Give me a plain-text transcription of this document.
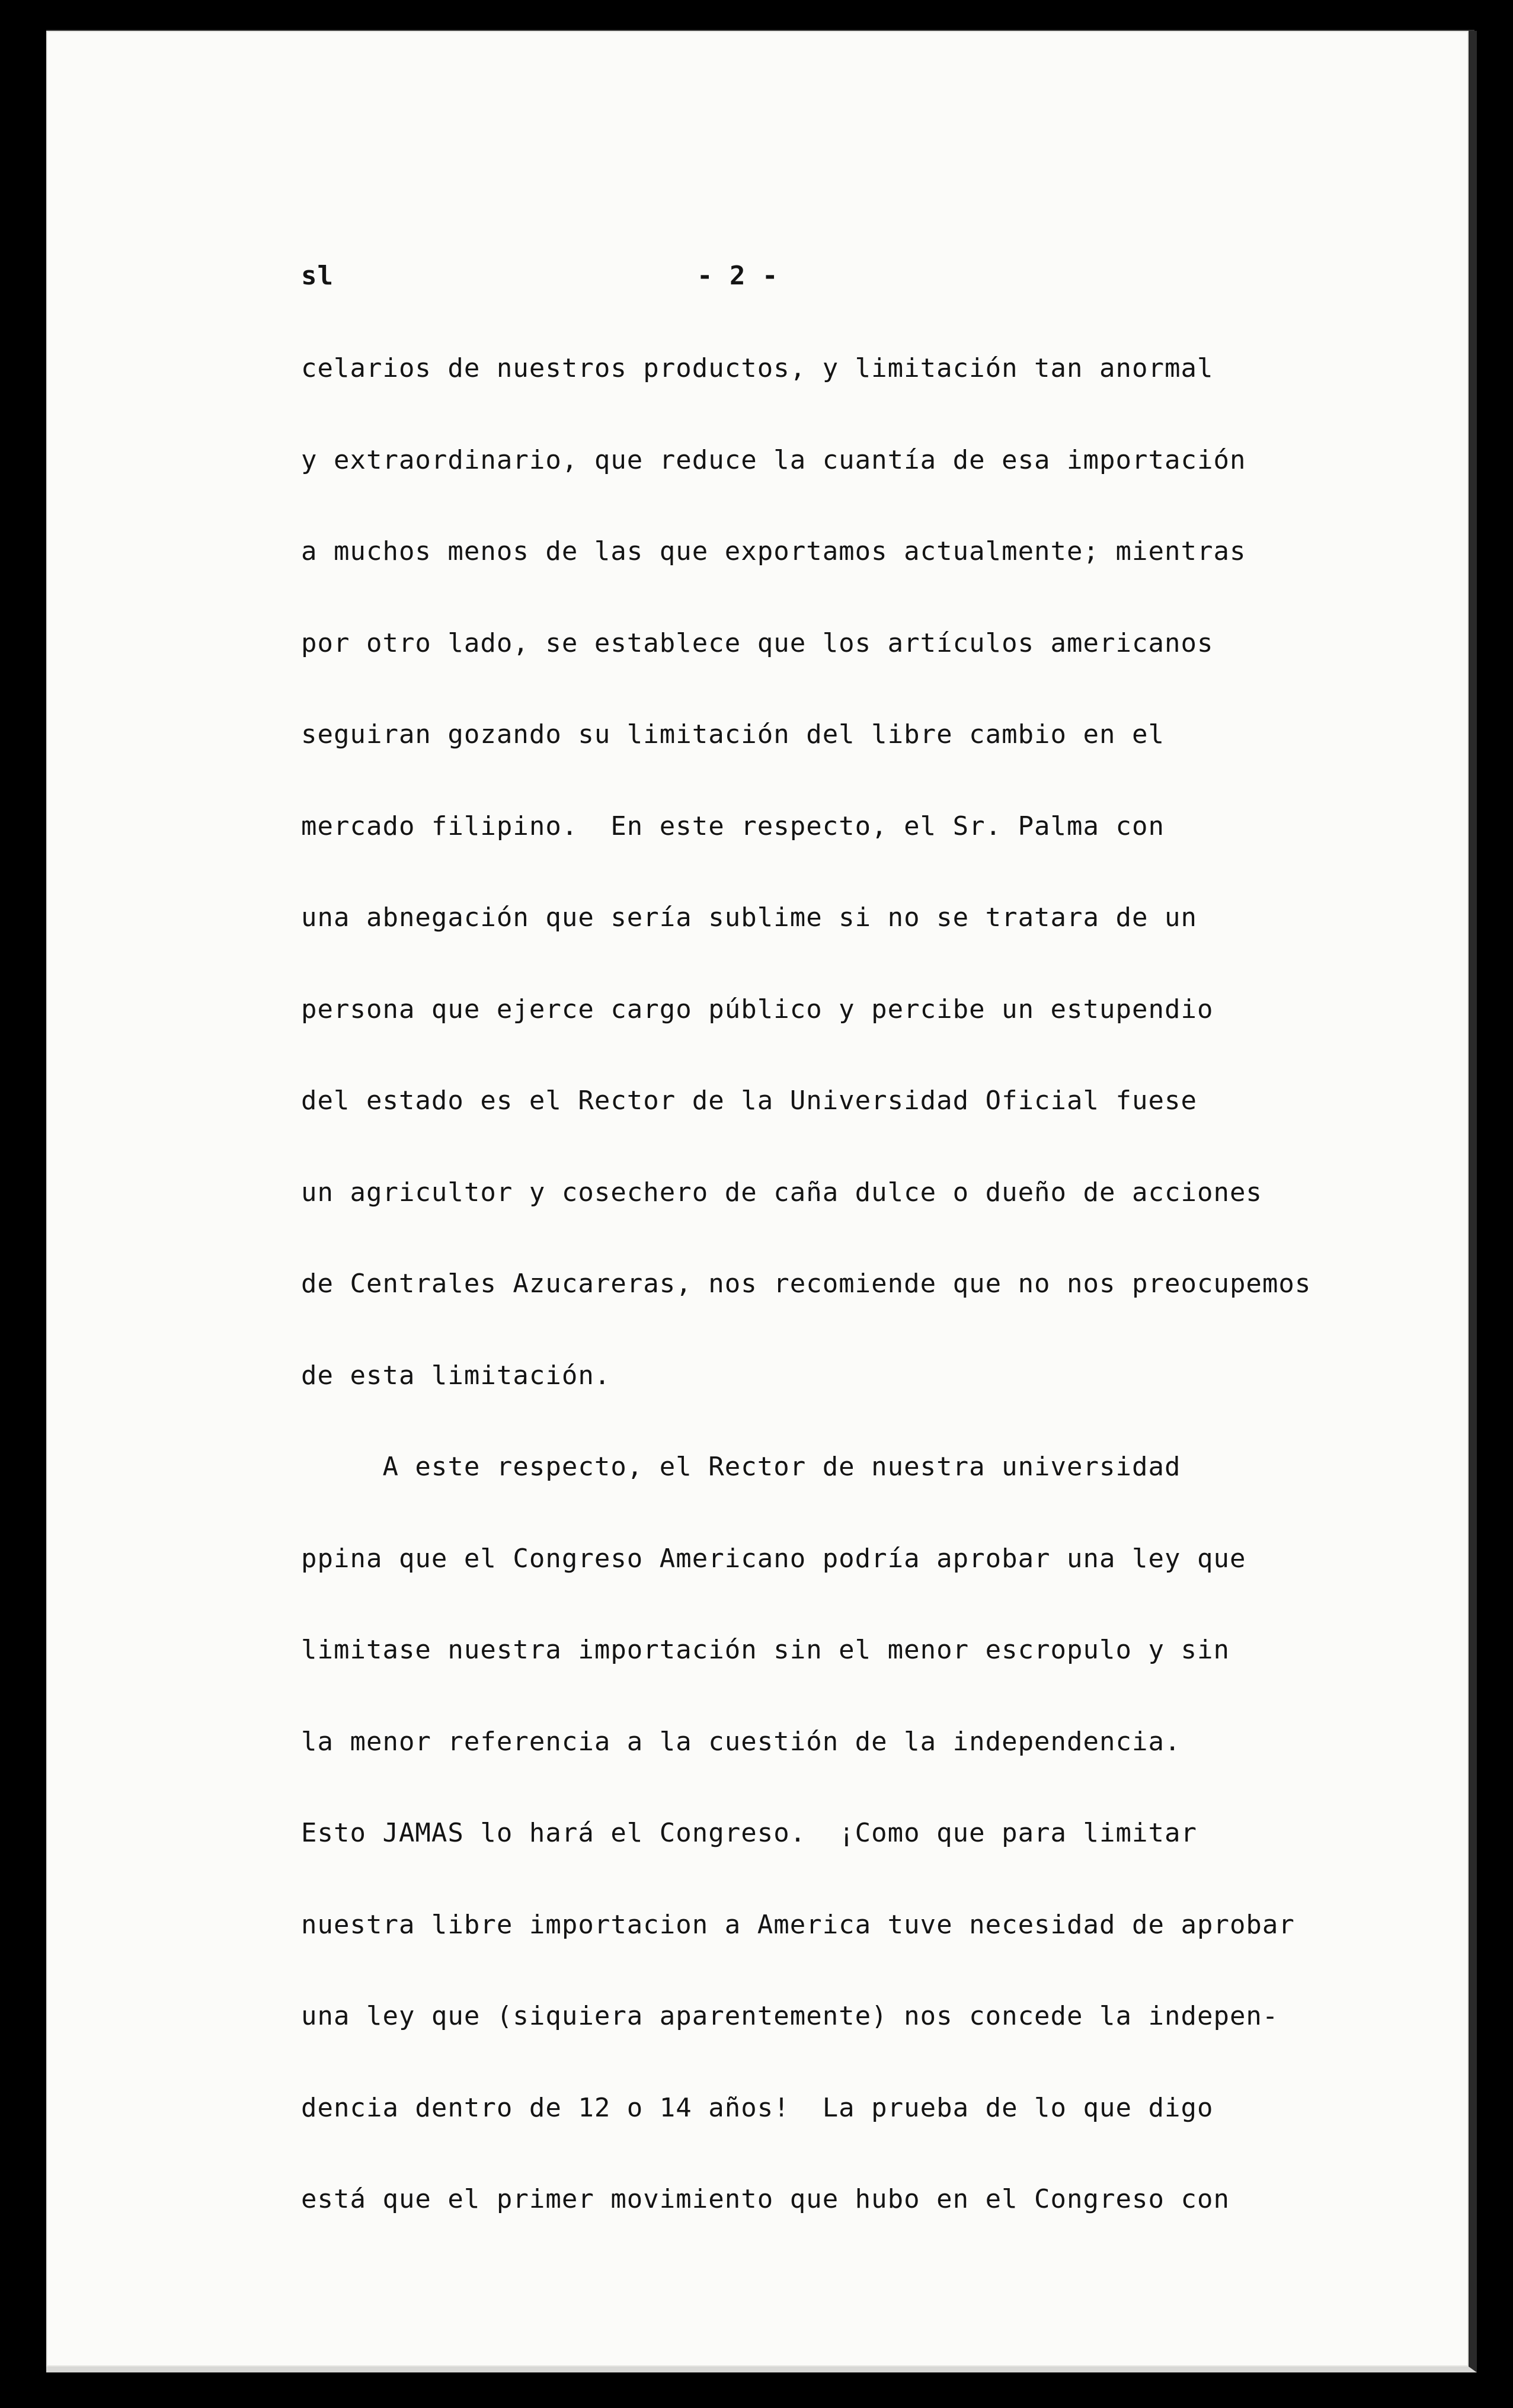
sl	- 2 -
celarios de nuestros productos, y limitación tan anormal
y extraordinario, que reduce la cuantía de esa importación
a muchos menos de las que exportamos actualmente; mientras
por otro lado, se establece que los artículos americanos
seguiran gozando su limitación del libre cambio en el
mercado filipino.  En este respecto, el Sr. Palma con
una abnegación que sería sublime si no se tratara de un
persona que ejerce cargo público y percibe un estupendio
del estado es el Rector de la Universidad Oficial fuese
un agricultor y cosechero de caña dulce o dueño de acciones
de Centrales Azucareras, nos recomiende que no nos preocupemos
de esta limitación.
A este respecto, el Rector de nuestra universidad
ppina que el Congreso Americano podría aprobar una ley que
limitase nuestra importación sin el menor escropulo y sin
la menor referencia a la cuestión de la independencia.
Esto JAMAS lo hará el Congreso.  ¡Como que para limitar
nuestra libre importacion a America tuve necesidad de aprobar
una ley que (siquiera aparentemente) nos concede la indepen-
dencia dentro de 12 o 14 años!  La prueba de lo que digo
está que el primer movimiento que hubo en el Congreso con
